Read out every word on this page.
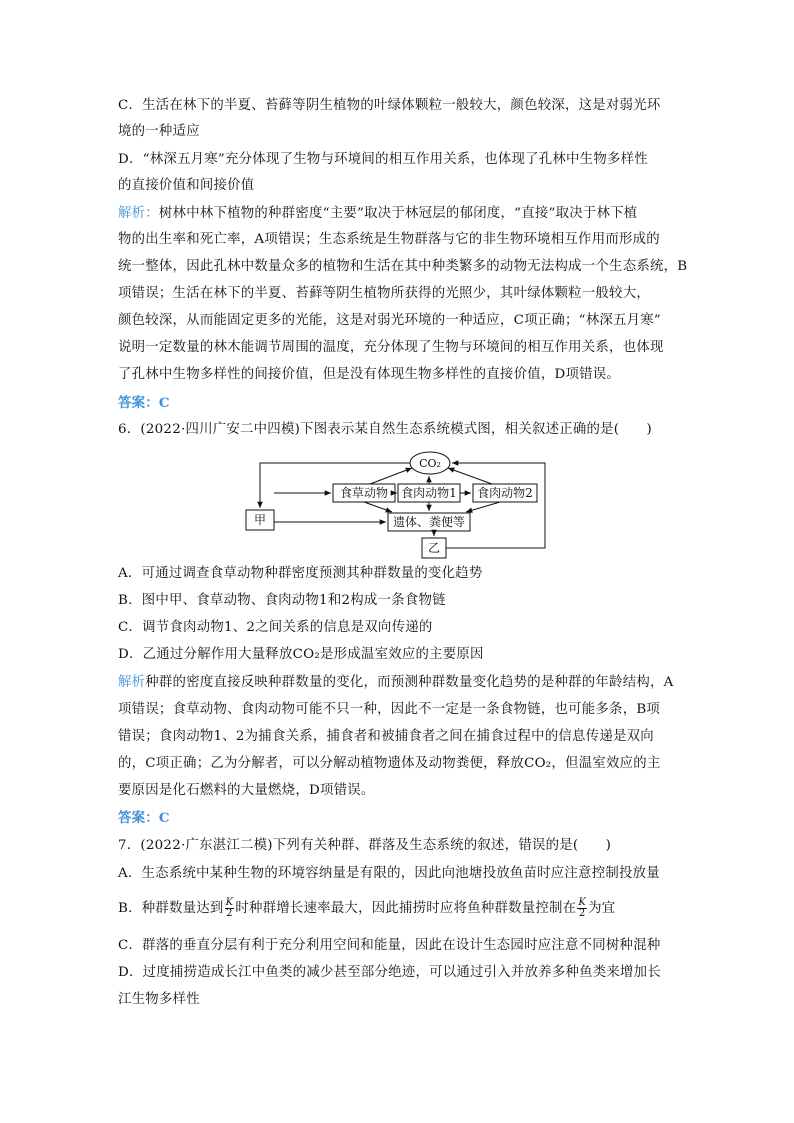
C．生活在林下的半夏、苔藓等阴生植物的叶绿体颗粒一般较大，颜色较深，这是对弱光环
境的一种适应
D．“林深五月寒”充分体现了生物与环境间的相互作用关系，也体现了孔林中生物多样性
的直接价值和间接价值
解析：树林中林下植物的种群密度“主要”取决于林冠层的郁闭度，“直接”取决于林下植
物的出生率和死亡率，A项错误；生态系统是生物群落与它的非生物环境相互作用而形成的
统一整体，因此孔林中数量众多的植物和生活在其中种类繁多的动物无法构成一个生态系统，B
项错误；生活在林下的半夏、苔藓等阴生植物所获得的光照少，其叶绿体颗粒一般较大，
颜色较深，从而能固定更多的光能，这是对弱光环境的一种适应，C项正确；“林深五月寒”
说明一定数量的林木能调节周围的温度，充分体现了生物与环境间的相互作用关系，也体现
了孔林中生物多样性的间接价值，但是没有体现生物多样性的直接价值，D项错误。
答案：C
6．(2022·四川广安二中四模)下图表示某自然生态系统模式图，相关叙述正确的是(　　)
CO₂
食草动物 食肉动物1 食肉动物2
甲	遗体、粪便等
乙
A．可通过调查食草动物种群密度预测其种群数量的变化趋势
B．图中甲、食草动物、食肉动物1和2构成一条食物链
C．调节食肉动物1、2之间关系的信息是双向传递的
D．乙通过分解作用大量释放CO₂是形成温室效应的主要原因
解析种群的密度直接反映种群数量的变化，而预测种群数量变化趋势的是种群的年龄结构，A
项错误；食草动物、食肉动物可能不只一种，因此不一定是一条食物链，也可能多条，B项
错误；食肉动物1、2为捕食关系，捕食者和被捕食者之间在捕食过程中的信息传递是双向
的，C项正确；乙为分解者，可以分解动植物遗体及动物粪便，释放CO₂，但温室效应的主
要原因是化石燃料的大量燃烧，D项错误。
答案：C
7．(2022·广东湛江二模)下列有关种群、群落及生态系统的叙述，错误的是(　　)
A．生态系统中某种生物的环境容纳量是有限的，因此向池塘投放鱼苗时应注意控制投放量
B．种群数量达到 $\frac{K}{2}$ 时种群增长速率最大，因此捕捞时应将鱼种群数量控制在 $\frac{K}{2}$ 为宜
C．群落的垂直分层有利于充分利用空间和能量，因此在设计生态园时应注意不同树种混种
D．过度捕捞造成长江中鱼类的减少甚至部分绝迹，可以通过引入并放养多种鱼类来增加长
江生物多样性
